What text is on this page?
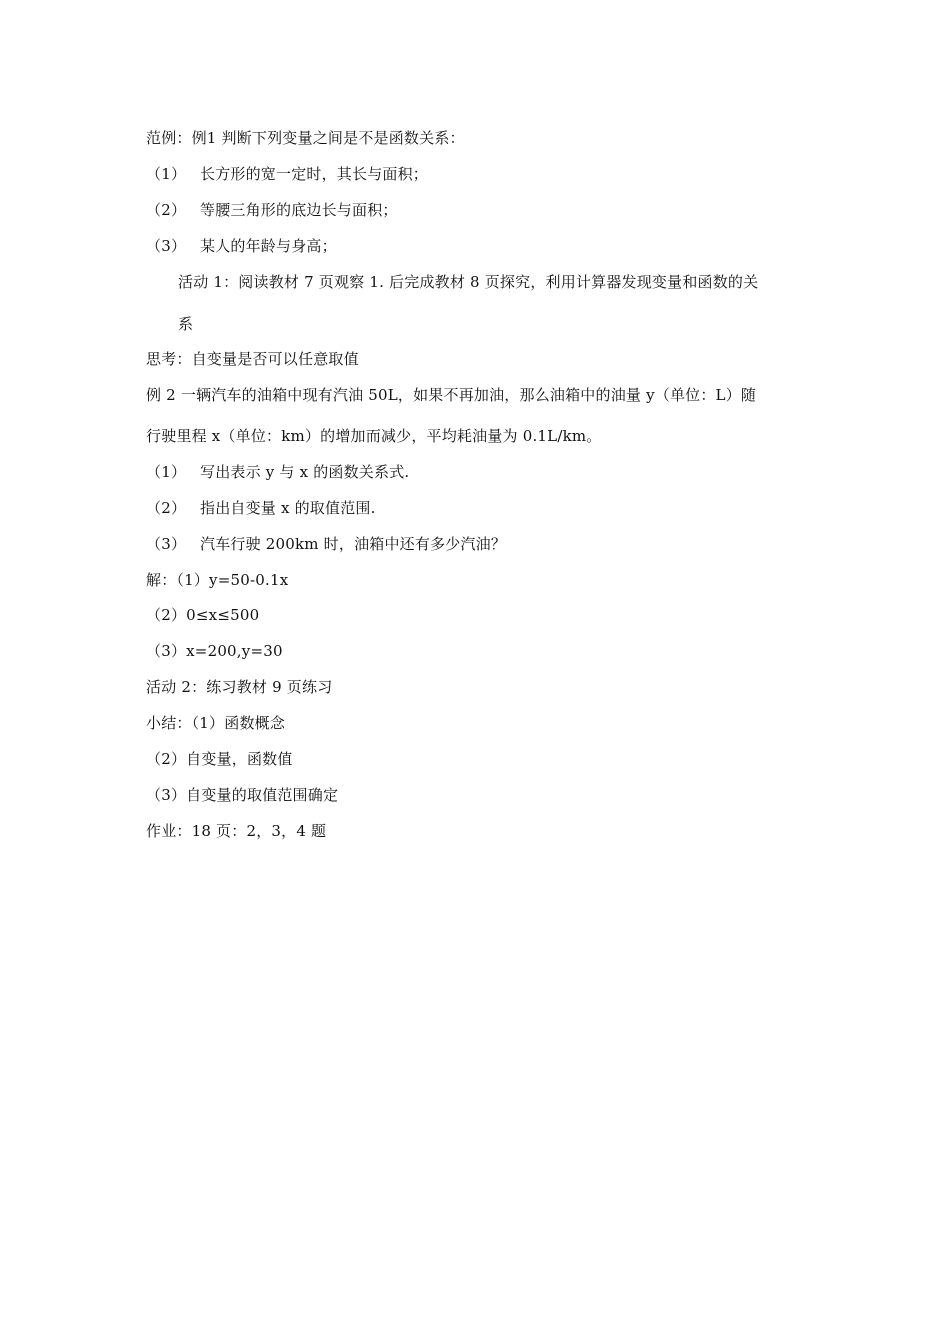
范例：例1 判断下列变量之间是不是函数关系：
（1） 长方形的宽一定时，其长与面积；
（2） 等腰三角形的底边长与面积；
（3） 某人的年龄与身高；
活动 1：阅读教材 7 页观察 1. 后完成教材 8 页探究，利用计算器发现变量和函数的关
系
思考：自变量是否可以任意取值
例 2 一辆汽车的油箱中现有汽油 50L，如果不再加油，那么油箱中的油量 y（单位：L）随
行驶里程 x（单位：km）的增加而减少，平均耗油量为 0.1L/km。
（1） 写出表示 y 与 x 的函数关系式.
（2） 指出自变量 x 的取值范围.
（3） 汽车行驶 200km 时，油箱中还有多少汽油？
解：（1）y=50-0.1x
（2）0≤x≤500
（3）x=200,y=30
活动 2：练习教材 9 页练习
小结：（1）函数概念
（2）自变量，函数值
（3）自变量的取值范围确定
作业：18 页：2，3，4 题
